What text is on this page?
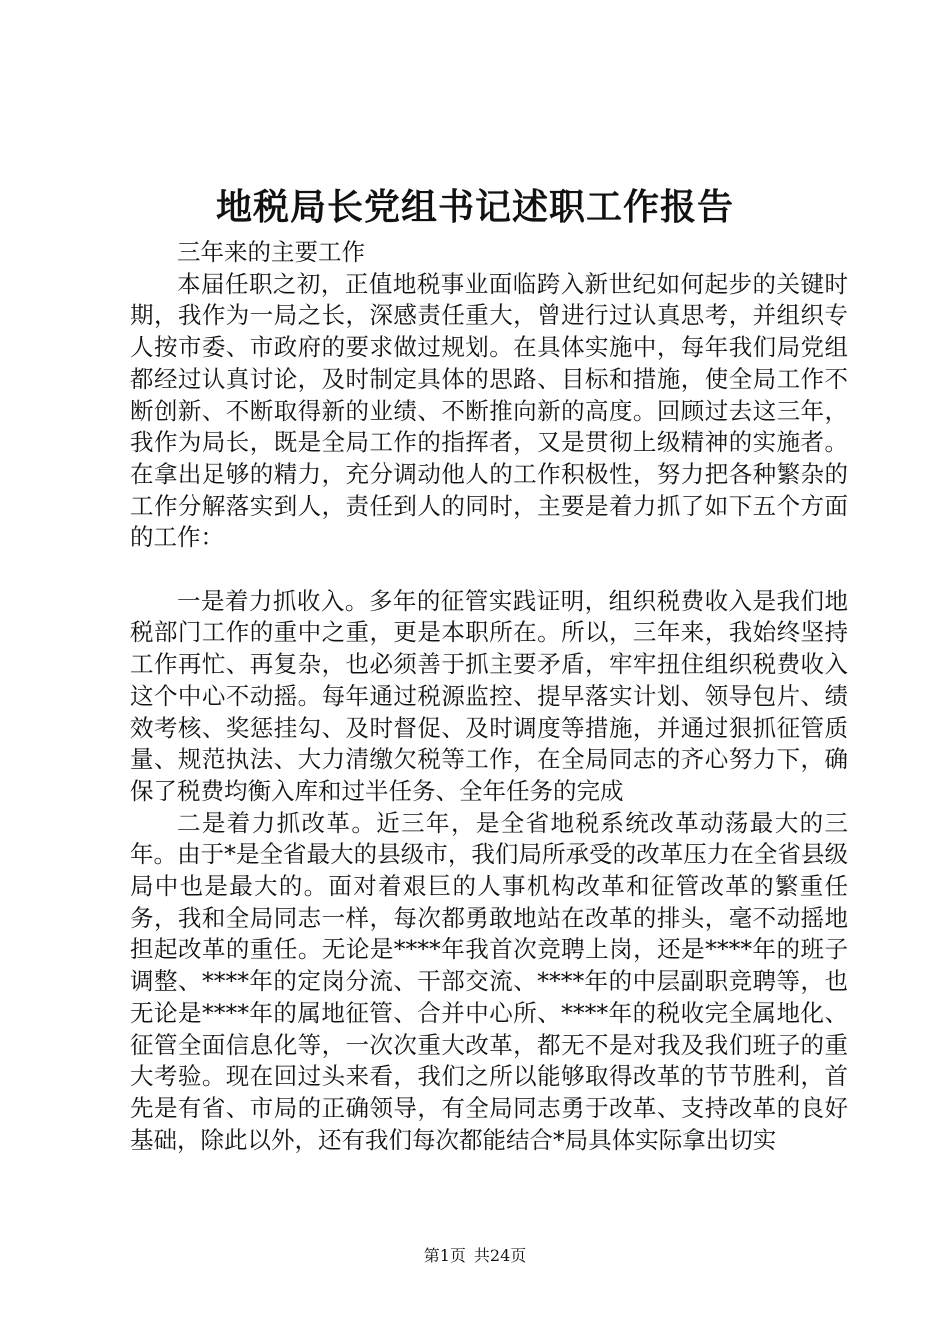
地税局长党组书记述职工作报告

三年来的主要工作

本届任职之初，正值地税事业面临跨入新世纪如何起步的关键时期，我作为一局之长，深感责任重大，曾进行过认真思考，并组织专人按市委、市政府的要求做过规划。在具体实施中，每年我们局党组都经过认真讨论，及时制定具体的思路、目标和措施，使全局工作不断创新、不断取得新的业绩、不断推向新的高度。回顾过去这三年，我作为局长，既是全局工作的指挥者，又是贯彻上级精神的实施者。在拿出足够的精力，充分调动他人的工作积极性，努力把各种繁杂的工作分解落实到人，责任到人的同时，主要是着力抓了如下五个方面的工作：

一是着力抓收入。多年的征管实践证明，组织税费收入是我们地税部门工作的重中之重，更是本职所在。所以，三年来，我始终坚持工作再忙、再复杂，也必须善于抓主要矛盾，牢牢扭住组织税费收入这个中心不动摇。每年通过税源监控、提早落实计划、领导包片、绩效考核、奖惩挂勾、及时督促、及时调度等措施，并通过狠抓征管质量、规范执法、大力清缴欠税等工作，在全局同志的齐心努力下，确保了税费均衡入库和过半任务、全年任务的完成

二是着力抓改革。近三年，是全省地税系统改革动荡最大的三年。由于*是全省最大的县级市，我们局所承受的改革压力在全省县级局中也是最大的。面对着艰巨的人事机构改革和征管改革的繁重任务，我和全局同志一样，每次都勇敢地站在改革的排头，毫不动摇地担起改革的重任。无论是****年我首次竞聘上岗，还是****年的班子调整、****年的定岗分流、干部交流、****年的中层副职竞聘等，也无论是****年的属地征管、合并中心所、****年的税收完全属地化、征管全面信息化等，一次次重大改革，都无不是对我及我们班子的重大考验。现在回过头来看，我们之所以能够取得改革的节节胜利，首先是有省、市局的正确领导，有全局同志勇于改革、支持改革的良好基础，除此以外，还有我们每次都能结合*局具体实际拿出切实

第1页 共24页
